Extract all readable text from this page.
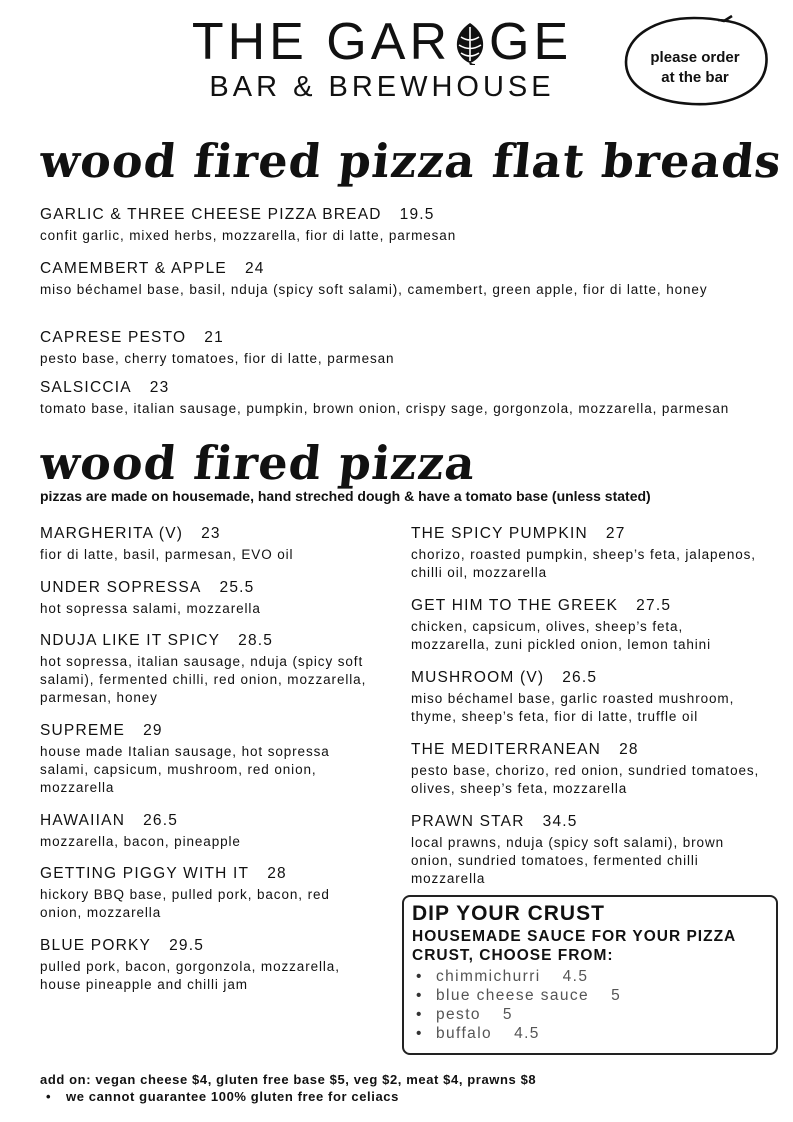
THE GAR GE
BAR & BREWHOUSE
please order
at the bar
wood fired pizza flat breads
GARLIC & THREE CHEESE PIZZA BREAD 19.5
confit garlic, mixed herbs, mozzarella, fior di latte, parmesan
CAMEMBERT & APPLE 24
miso béchamel base, basil, nduja (spicy soft salami), camembert, green apple, fior di latte, honey
CAPRESE PESTO 21
pesto base, cherry tomatoes, fior di latte, parmesan
SALSICCIA 23
tomato base, italian sausage, pumpkin, brown onion, crispy sage, gorgonzola, mozzarella, parmesan
wood fired pizza
pizzas are made on housemade, hand streched dough & have a tomato base (unless stated)
MARGHERITA (V) 23
fior di latte, basil, parmesan, EVO oil
UNDER SOPRESSA 25.5
hot sopressa salami, mozzarella
NDUJA LIKE IT SPICY 28.5
hot sopressa, italian sausage, nduja (spicy soft salami), fermented chilli, red onion, mozzarella, parmesan, honey
SUPREME 29
house made Italian sausage, hot sopressa salami, capsicum, mushroom, red onion, mozzarella
HAWAIIAN 26.5
mozzarella, bacon, pineapple
GETTING PIGGY WITH IT 28
hickory BBQ base, pulled pork, bacon, red onion, mozzarella
BLUE PORKY 29.5
pulled pork, bacon, gorgonzola, mozzarella, house pineapple and chilli jam
THE SPICY PUMPKIN 27
chorizo, roasted pumpkin, sheep’s feta, jalapenos, chilli oil, mozzarella
GET HIM TO THE GREEK 27.5
chicken, capsicum, olives, sheep’s feta, mozzarella, zuni pickled onion, lemon tahini
MUSHROOM (V) 26.5
miso béchamel base, garlic roasted mushroom, thyme, sheep’s feta, fior di latte, truffle oil
THE MEDITERRANEAN 28
pesto base, chorizo, red onion, sundried tomatoes, olives, sheep’s feta, mozzarella
PRAWN STAR 34.5
local prawns, nduja (spicy soft salami), brown onion, sundried tomatoes, fermented chilli mozzarella
DIP YOUR CRUST
HOUSEMADE SAUCE FOR YOUR PIZZA CRUST, CHOOSE FROM:
• chimmichurri 4.5
• blue cheese sauce 5
• pesto 5
• buffalo 4.5
add on: vegan cheese $4, gluten free base $5, veg $2, meat $4, prawns $8
• we cannot guarantee 100% gluten free for celiacs
